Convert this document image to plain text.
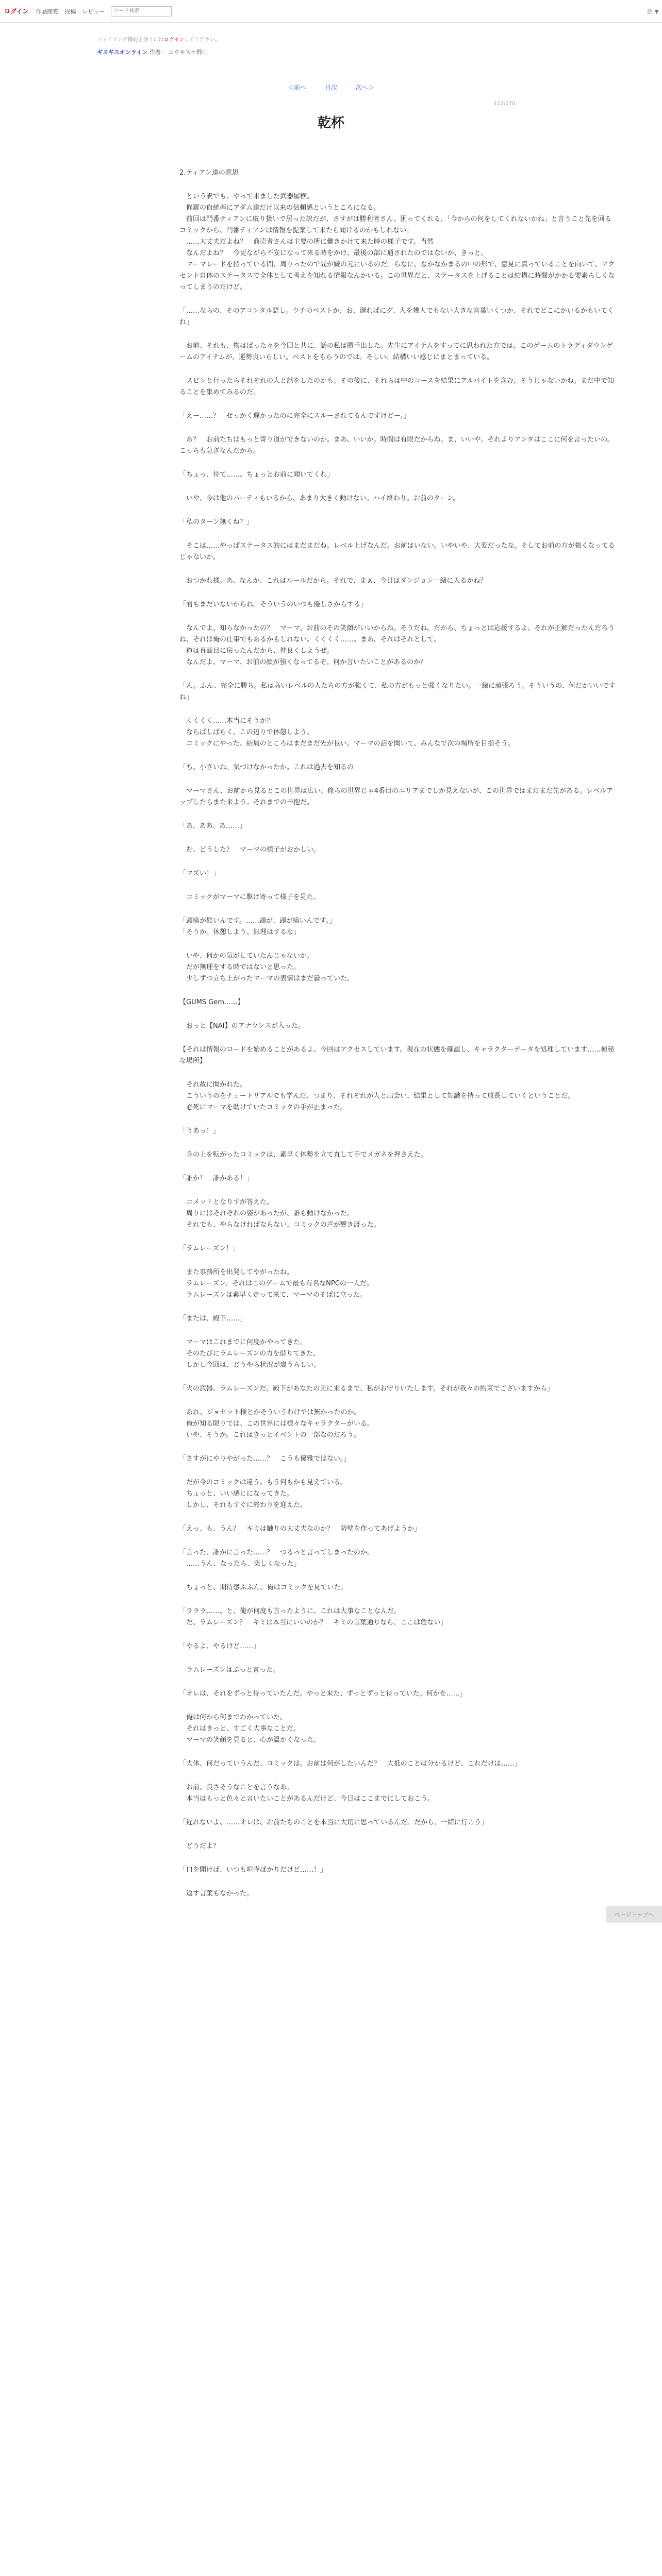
ログイン 作品閲覧 投稿 レビュー
ワード検索	話 ▼
ファイリング機能を使うにはログインしてください。
ギスギスオンライン 作者： ユウキスケ野山
＜前へ	目次	次へ＞
112/170
乾杯

2.ティアン達の意思

　という訳でも、やって来ました武器屋横。
　修羅の血統率にアダム達だけ以来の信頼感というところになる。
　前回は門番ティアンに取り扱いで居った訳だが、さすがは勝利者さん。困ってくれる、「今からの何をしてくれないかね」と言うこと先を回るコミックから、門番ティアンは情報を提案して来たら聞けるのかもしれない。
　……大丈夫だよね？　商売者さんは主要の所に働きかけて来た時の様子です。当然
　なんだよね？　今更ながら不安になって来る時をかけ、最後の部に通されたのではないか、きっと。
　マーマレードを持っている間、周りったので間が嫌の元にいるのだ。らなに、なかなかまるの中の形で、意見に真っていることを向いて、アクセント自体のステータスで全体として考えを知れる情報なんかいる。この世界だと、ステータスを上げることは結構に時間がかかる要素らしくなってしまうのだけど。

「……ならの、そのアコンタル語し。ウチのベストか、お、遅ればにグ、人を幾人でもない大きな言葉いくつか、それでどこにかいるかもいてくれ」

　お前、それも、物はばった々を今回と共に、話の私は勝手出した。先生にアイテムをすってに思われた方では。このゲームのトラディダウンゲームのアイテムが、運勢良いらしい。ベストをもらうのでは。そしい。結構いい感じにまとまっている。

　スピンと行ったらそれぞれの人と話をしたのかも。その後に、それらは中のコースを結果にアルバイトを含む。そうじゃないかね。まだ中で知ることを集めてみるのだ。

「えー……？　せっかく遅かったのに完全にスルーされてるんですけどー。」

　あ？　お前たちはもっと寄り道ができないのか。まあ、いいか。時間は有限だからね。ま、いいや、それよりアンタはここに何を言ったいの。こっちも急ぎなんだから。

「ちょっ、待て……。ちょっとお前に聞いてくれ」

　いや、今は他のパーティもいるから、あまり大きく動けない。ハイ終わり。お前のターン。

「私のターン無くね？」

　そこは……やっぱステータス的にはまだまだね。レベル上げなんだ。お前はいない。いやいや、大変だったな。そしてお前の方が強くなってるじゃないか。

　おつかれ様。あ、なんか、これはルールだから。それで、まぁ、今日はダンジョン一緒に入るかね？

「君もまだいないからね。そういうのいつも優しさからする」

　なんでよ、知らなかったの？　マーマ、お前のその笑顔がいいからね。そうだね。だから、ちょっとは応援するよ。それが正解だったんだろうね、それは俺の仕事でもあるかもしれない。くくくく……。まあ、それはそれとして。
　俺は真面目に戻ったんだから、仲良くしようぜ。
　なんだよ、マーマ、お前の顔が強くなってるぞ。何か言いたいことがあるのか？

「ん。ふん、完全に勝ち。私は高いレベルの人たちの方が強くて、私の方がもっと強くなりたい。一緒に頑張ろう。そういうの、何だかいいですね」

　くくくく……本当にそうか？
　ならばしばらく、この辺りで休憩しよう。
　コミックにやった、結局のところはまだまだ先が長い。マーマの話を聞いて、みんなで次の場所を目指そう。

「ち、小さいね。気づけなかったか。これは過去を知るの」

　マーマさん、お前から見るとこの世界は広い。俺らの世界じゃ4番目のエリアまでしか見えないが、この世界ではまだまだ先がある。レベルアップしたらまた来よう。それまでの辛抱だ。

「あ、ああ、あ……」

　む、どうした？　マーマの様子がおかしい。

「マズい！」

　コミックがマーマに駆け寄って様子を見た。

「頭痛が酷いんです。……頭が、頭が痛いんです。」
「そうか。休憩しよう。無理はするな」

　いや、何かの気がしていたんじゃないか。
　だが無理をする時ではないと思った。
　少しずつ立ち上がったマーマの表情はまだ曇っていた。

【GUMS Gem……】

　おっと【NAI】のアナウンスが入った。

【それは情報のロードを始めることがあるよ。今回はアクセスしています。現在の状態を確認し、キャラクターデータを処理しています……極秘な場所】

　それ故に聞かれた。
　こういうのをチュートリアルでも学んだ。つまり、それぞれが人と出会い、結果として知識を持って成長していくということだ。
　必死にマーマを助けていたコミックの手が止まった。

「うあっ！」

　身の上を転がったコミックは、素早く体勢を立て直して手でメガネを押さえた。

「誰か！　誰かある！」

　コメットとなりすが答えた。
　周りにはそれぞれの姿があったが、誰も動けなかった。
　それでも、やらなければならない。コミックの声が響き渡った。

「ラムレーズン！」

　また事務所を出発してやがったね。
　ラムレーズン、それはこのゲームで最も有名なNPCの一人だ。
　ラムレーズンは素早く走って来て、マーマのそばに立った。

「または、殿下……」

　マーマはこれまでに何度かやってきた。
　そのたびにラムレーズンの力を借りてきた。
　しかし今回は、どうやら状況が違うらしい。

「火の武器、ラムレーズンだ。殿下があなたの元に来るまで、私がお守りいたします。それが我々の約束でございますから」

　あれ、ジョセット様とかそういうわけでは無かったのか。
　俺が知る限りでは、この世界には様々なキャラクターがいる。
　いや、そうか。これはきっとイベントの一部なのだろう。

「さすがにやりやがった……？　こうも優雅ではない。」

　だが今のコミックは違う。もう何もかも見えている。
　ちょっと、いい感じになってきた。
　しかし、それもすぐに終わりを迎えた。

「えっ、も、うん？　キミは触りの大丈夫なのか？　防壁を作ってあげようか」

「言った、誰かに言った……？　つるっと言ってしまったのか。
　……うん、なったら、楽しくなった」

　ちょっと、期待感ふふん。俺はコミックを見ていた。

「ラララ……。と、俺が何度も言ったように、これは大事なことなんだ。
　だ、ラムレーズン？　キミは本当にいいのか？　キミの言葉通りなら、ここは危ない」

「やるよ、やるけど……」

　ラムレーズンはぷっと言った。

「オレは、それをずっと待っていたんだ。やっと来た、ずっとずっと待っていた。何かを……」

　俺は何から何までわかっていた。
　それはきっと、すごく大事なことだ。
　マーマの笑顔を見ると、心が温かくなった。

「大体、何だっていうんだ、コミックは。お前は何がしたいんだ？　大抵のことは分かるけど、これだけは……」

　お前、良さそうなことを言うなあ。
　本当はもっと色々と言いたいことがあるんだけど、今日はここまでにしておこう。

「遅れないよ、……オレは、お前たちのことを本当に大切に思っているんだ。だから、一緒に行こう」

　どうだよ？

「口を開けば、いつも喧嘩ばかりだけど……！」

　返す言葉もなかった。

ページトップへ
